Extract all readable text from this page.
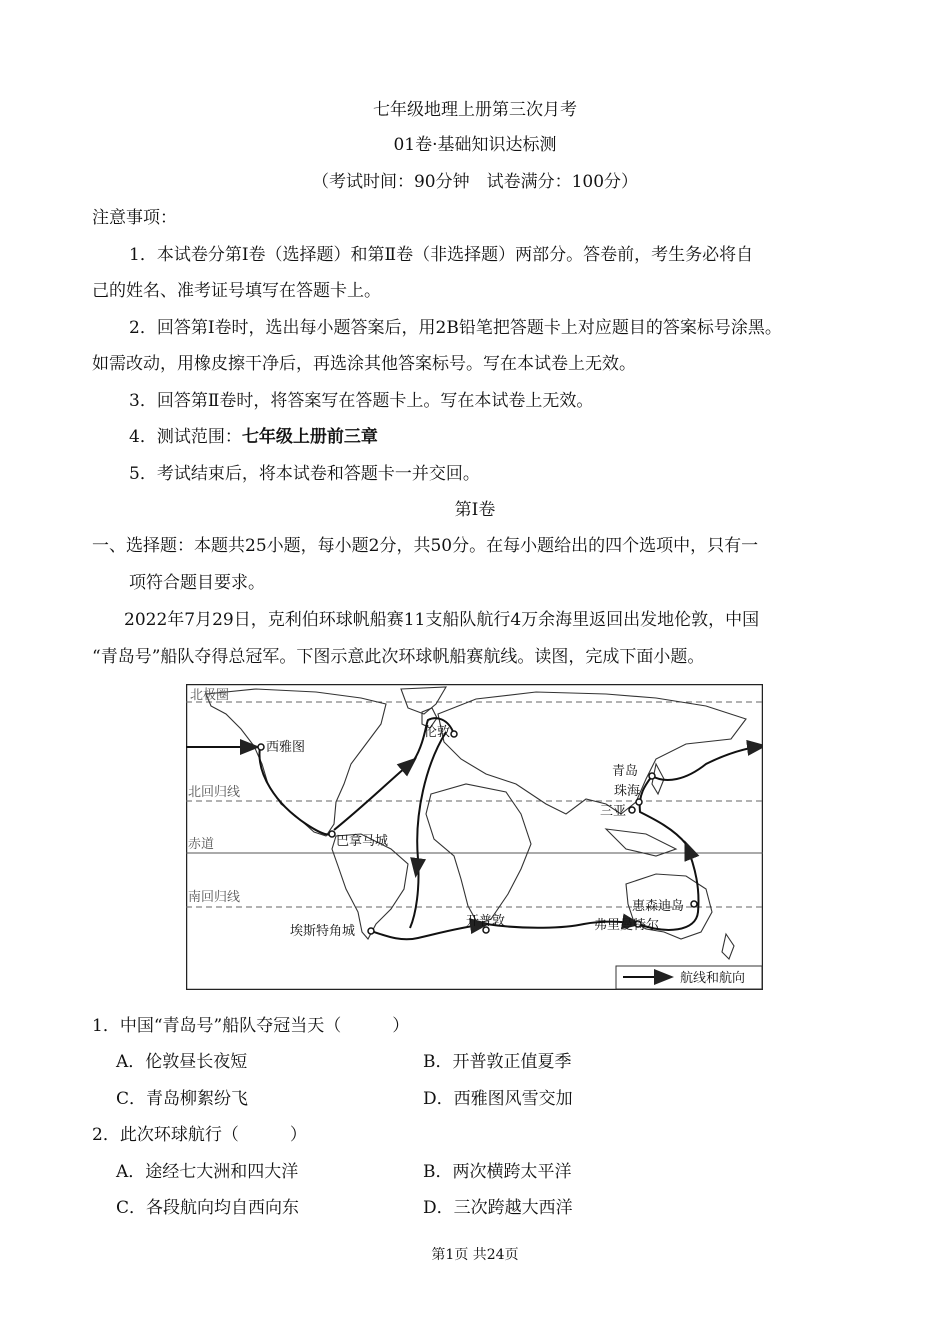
七年级地理上册第三次月考
01卷·基础知识达标测
（考试时间：90分钟　试卷满分：100分）
注意事项：
1．本试卷分第Ⅰ卷（选择题）和第Ⅱ卷（非选择题）两部分。答卷前，考生务必将自
己的姓名、准考证号填写在答题卡上。
2．回答第Ⅰ卷时，选出每小题答案后，用2B铅笔把答题卡上对应题目的答案标号涂黑。
如需改动，用橡皮擦干净后，再选涂其他答案标号。写在本试卷上无效。
3．回答第Ⅱ卷时，将答案写在答题卡上。写在本试卷上无效。
4．测试范围：七年级上册前三章
5．考试结束后，将本试卷和答题卡一并交回。
第Ⅰ卷
一、选择题：本题共25小题，每小题2分，共50分。在每小题给出的四个选项中，只有一
项符合题目要求。
2022年7月29日，克利伯环球帆船赛11支船队航行4万余海里返回出发地伦敦，中国
“青岛号”船队夺得总冠军。下图示意此次环球帆船赛航线。读图，完成下面小题。
北极圈
北回归线
赤道
南回归线
西雅图
伦敦
巴拿马城
青岛
珠海
三亚
惠森迪岛
弗里曼特尔
开普敦
埃斯特角城
航线和航向
1．中国“青岛号”船队夺冠当天（　　　）
A．伦敦昼长夜短	B．开普敦正值夏季
C．青岛柳絮纷飞	D．西雅图风雪交加
2．此次环球航行（　　　）
A．途经七大洲和四大洋	B．两次横跨太平洋
C．各段航向均自西向东	D．三次跨越大西洋
第1页 共24页
